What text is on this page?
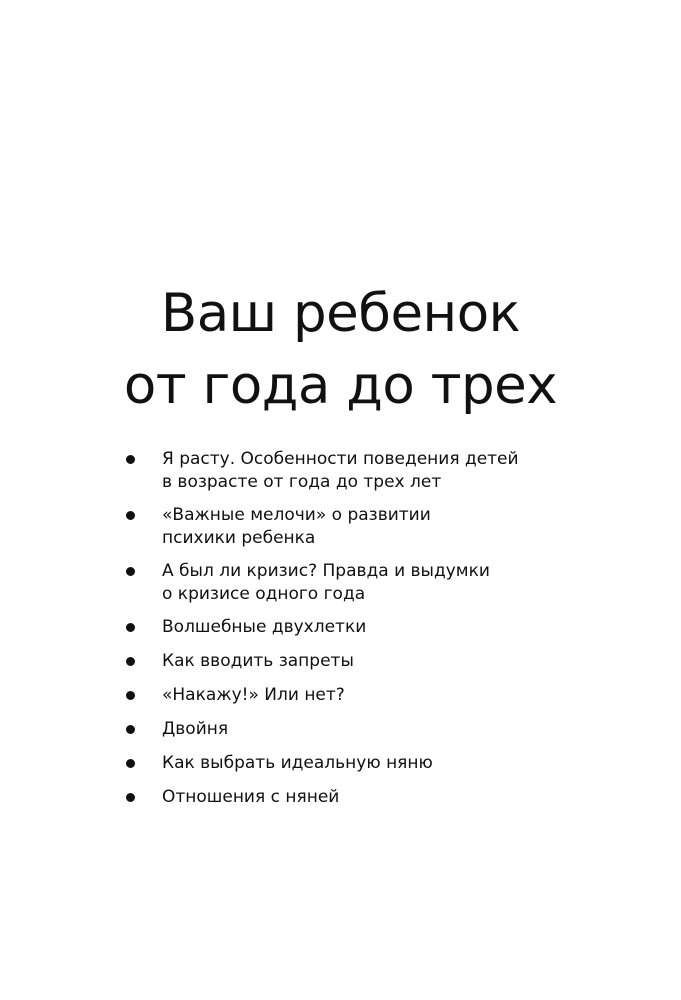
Ваш ребенок
от года до трех
Я расту. Особенности поведения детей
в возрасте от года до трех лет
«Важные мелочи» о развитии
психики ребенка
А был ли кризис? Правда и выдумки
о кризисе одного года
Волшебные двухлетки
Как вводить запреты
«Накажу!» Или нет?
Двойня
Как выбрать идеальную няню
Отношения с няней
